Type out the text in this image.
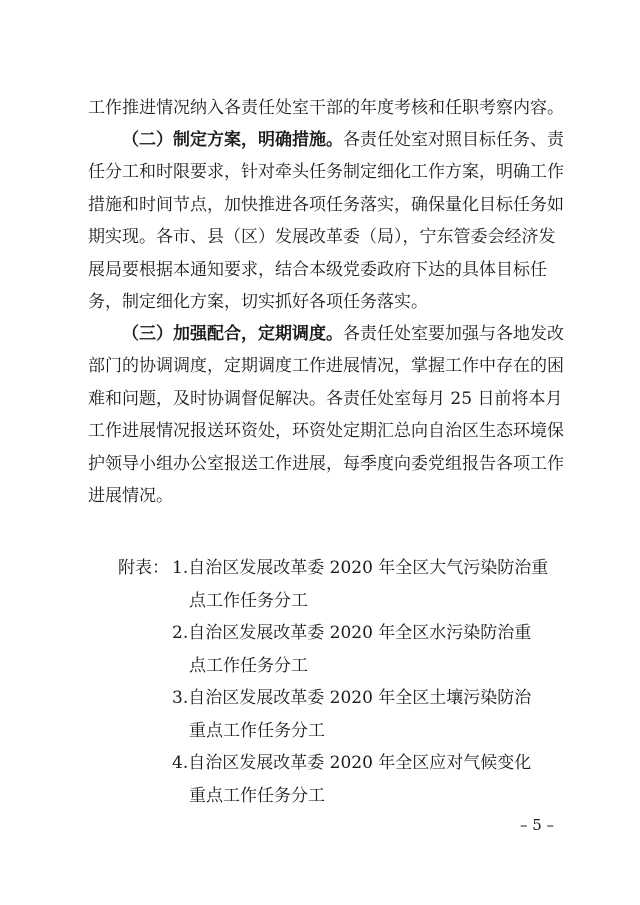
工作推进情况纳入各责任处室干部的年度考核和任职考察内容。
（二）制定方案，明确措施。各责任处室对照目标任务、责
任分工和时限要求，针对牵头任务制定细化工作方案，明确工作
措施和时间节点，加快推进各项任务落实，确保量化目标任务如
期实现。各市、县（区）发展改革委（局），宁东管委会经济发
展局要根据本通知要求，结合本级党委政府下达的具体目标任
务，制定细化方案，切实抓好各项任务落实。
（三）加强配合，定期调度。各责任处室要加强与各地发改
部门的协调调度，定期调度工作进展情况，掌握工作中存在的困
难和问题，及时协调督促解决。各责任处室每月 25 日前将本月
工作进展情况报送环资处，环资处定期汇总向自治区生态环境保
护领导小组办公室报送工作进展，每季度向委党组报告各项工作
进展情况。
附表： 1.自治区发展改革委 2020 年全区大气污染防治重
点工作任务分工
2.自治区发展改革委 2020 年全区水污染防治重
点工作任务分工
3.自治区发展改革委 2020 年全区土壤污染防治
重点工作任务分工
4.自治区发展改革委 2020 年全区应对气候变化
重点工作任务分工
– 5 –
